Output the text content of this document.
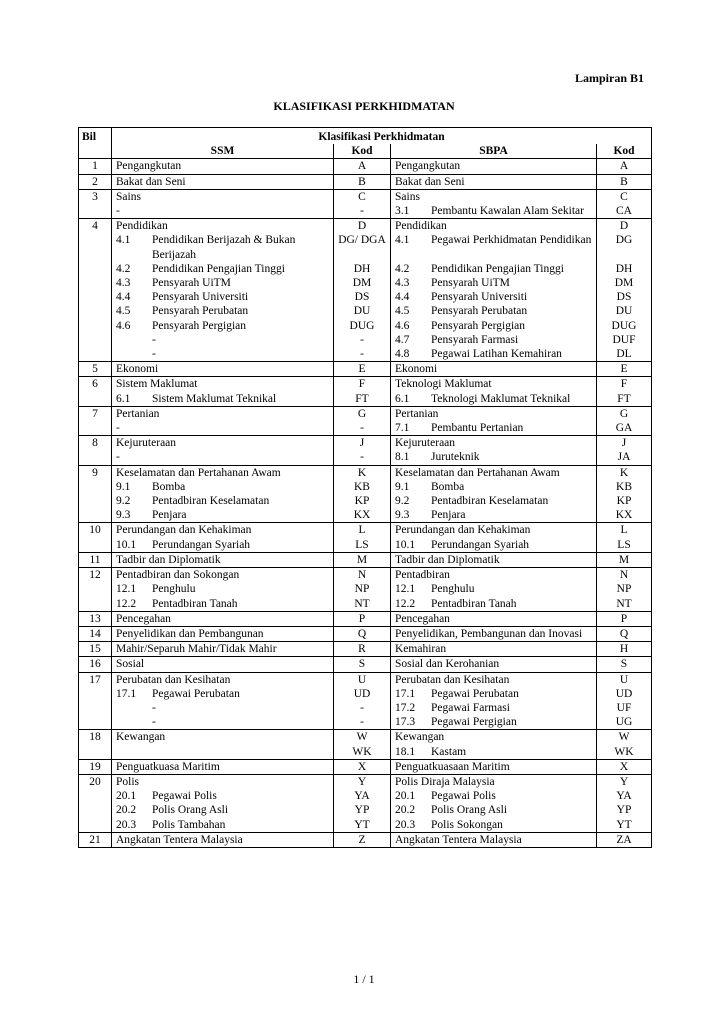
Lampiran B1
KLASIFIKASI PERKHIDMATAN
Bil	Klasifikasi Perkhidmatan			
	SSM	Kod	SBPA	Kod
1	Pengangkutan	A	Pengangkutan	A
2	Bakat dan Seni	B	Bakat dan Seni	B
3	Sains	C	Sains	C

	-	-	3.1 Pembantu Kawalan Alam Sekitar	CA
4	Pendidikan	D	Pendidikan	D

	4.1 Pendidikan Berijazah & Bukan Berijazah	DG/ DGA	4.1 Pegawai Perkhidmatan Pendidikan	DG

	4.2 Pendidikan Pengajian Tinggi	DH	4.2 Pendidikan Pengajian Tinggi	DH

	4.3 Pensyarah UiTM	DM	4.3 Pensyarah UiTM	DM

	4.4 Pensyarah Universiti	DS	4.4 Pensyarah Universiti	DS

	4.5 Pensyarah Perubatan	DU	4.5 Pensyarah Perubatan	DU

	4.6 Pensyarah Pergigian	DUG	4.6 Pensyarah Pergigian	DUG

	-	-	4.7 Pensyarah Farmasi	DUF

	-	-	4.8 Pegawai Latihan Kemahiran	DL
5	Ekonomi	E	Ekonomi	E
6	Sistem Maklumat	F	Teknologi Maklumat	F

	6.1 Sistem Maklumat Teknikal	FT	6.1 Teknologi Maklumat Teknikal	FT
7	Pertanian	G	Pertanian	G

	-	-	7.1 Pembantu Pertanian	GA
8	Kejuruteraan	J	Kejuruteraan	J

	-	-	8.1 Juruteknik	JA
9	Keselamatan dan Pertahanan Awam	K	Keselamatan dan Pertahanan Awam	K

	9.1 Bomba	KB	9.1 Bomba	KB

	9.2 Pentadbiran Keselamatan	KP	9.2 Pentadbiran Keselamatan	KP

	9.3 Penjara	KX	9.3 Penjara	KX
10	Perundangan dan Kehakiman	L	Perundangan dan Kehakiman	L

	10.1 Perundangan Syariah	LS	10.1 Perundangan Syariah	LS
11	Tadbir dan Diplomatik	M	Tadbir dan Diplomatik	M
12	Pentadbiran dan Sokongan	N	Pentadbiran	N

	12.1 Penghulu	NP	12.1 Penghulu	NP

	12.2 Pentadbiran Tanah	NT	12.2 Pentadbiran Tanah	NT
13	Pencegahan	P	Pencegahan	P
14	Penyelidikan dan Pembangunan	Q	Penyelidikan, Pembangunan dan Inovasi	Q
15	Mahir/Separuh Mahir/Tidak Mahir	R	Kemahiran	H
16	Sosial	S	Sosial dan Kerohanian	S
17	Perubatan dan Kesihatan	U	Perubatan dan Kesihatan	U

	17.1 Pegawai Perubatan	UD	17.1 Pegawai Perubatan	UD

	-	-	17.2 Pegawai Farmasi	UF

	-	-	17.3 Pegawai Pergigian	UG
18	Kewangan	W	Kewangan	W
		WK	18.1 Kastam	WK
19	Penguatkuasa Maritim	X	Penguatkuasaan Maritim	X
20	Polis	Y	Polis Diraja Malaysia	Y

	20.1 Pegawai Polis	YA	20.1 Pegawai Polis	YA

	20.2 Polis Orang Asli	YP	20.2 Polis Orang Asli	YP

	20.3 Polis Tambahan	YT	20.3 Polis Sokongan	YT
21	Angkatan Tentera Malaysia	Z	Angkatan Tentera Malaysia	ZA
1 / 1
